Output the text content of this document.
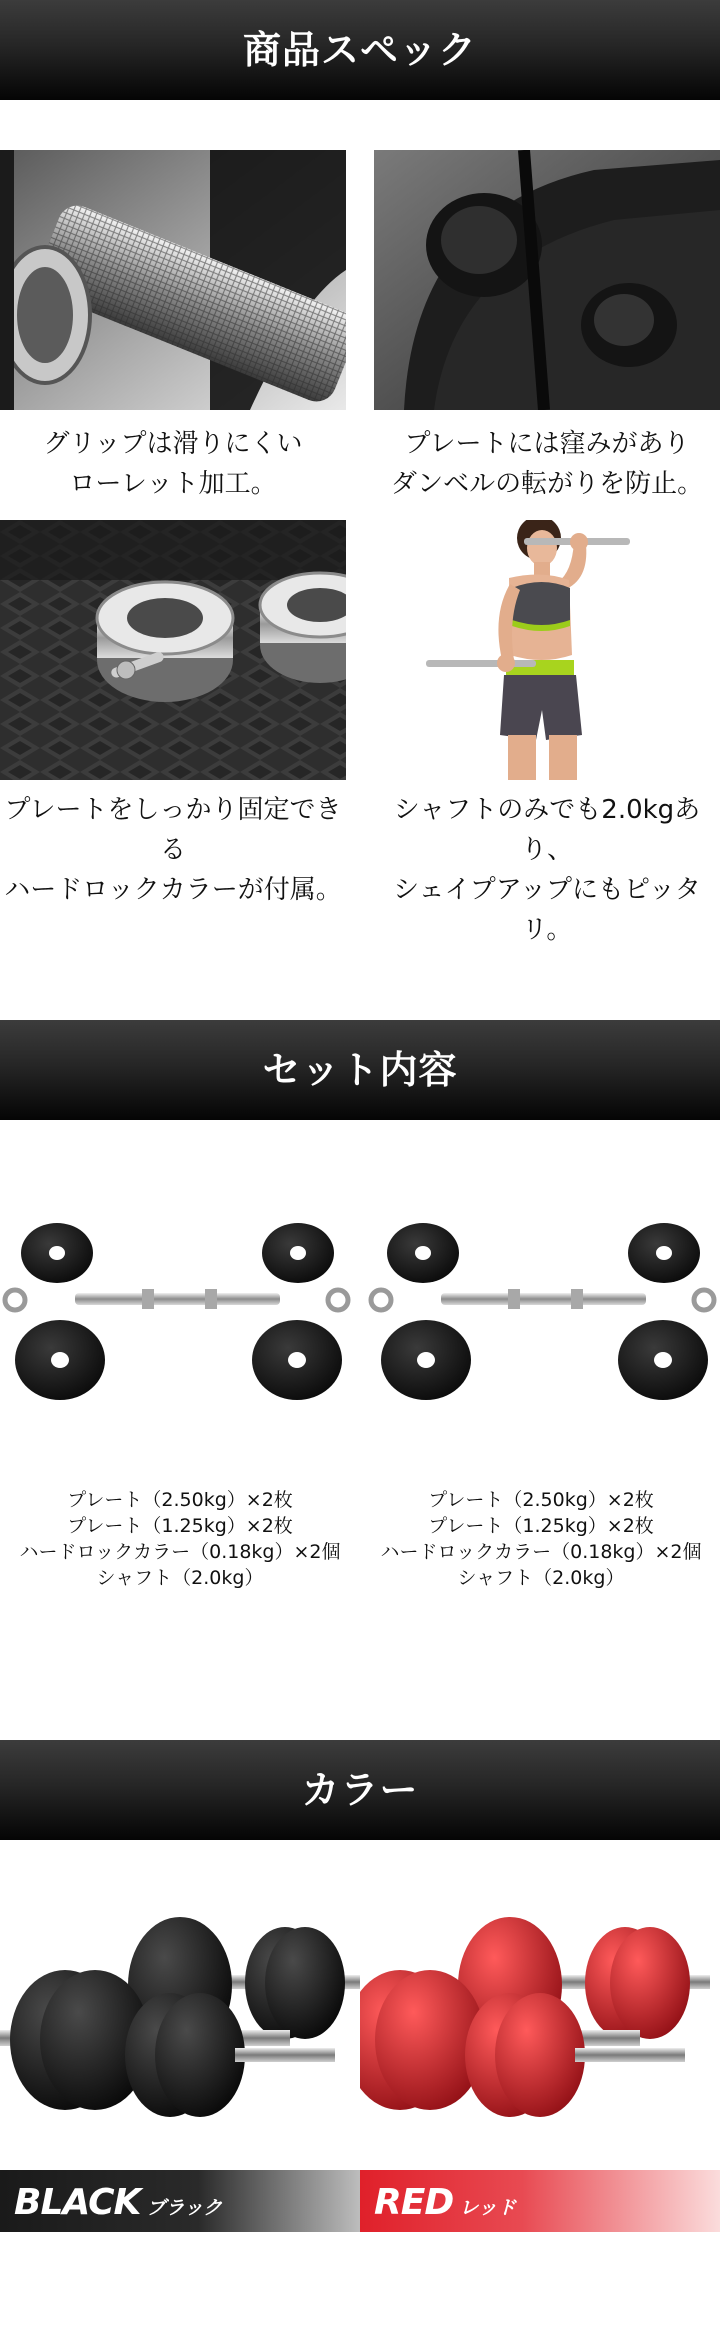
商品スペック
グリップは滑りにくい
ローレット加工。
プレートには窪みがあり
ダンベルの転がりを防止。
プレートをしっかり固定できる
ハードロックカラーが付属。
シャフトのみでも2.0kgあり、
シェイプアップにもピッタリ。
セット内容
プレート（2.50kg）×2枚
プレート（1.25kg）×2枚
ハードロックカラー（0.18kg）×2個
シャフト（2.0kg）
プレート（2.50kg）×2枚
プレート（1.25kg）×2枚
ハードロックカラー（0.18kg）×2個
シャフト（2.0kg）
カラー
BLACK ブラック	RED レッド
